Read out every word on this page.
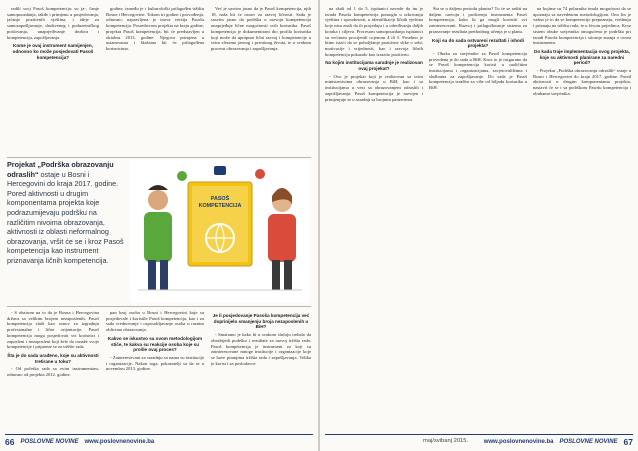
radili svoj Pasoš kompetencija: su ja-, čanje samopouzdanja, takđe i primjenu u posjedovanja, jačanje pozitivnih vještina, i ideje za samozapošljavanje, društvenog i poduzetničkog poslovanja, unaprjeđivanje društva i kompetencija, zapošljavanja.

Kome je ovaj instrument namijenjen, odnosno ko može posjedovati Pasoš kompetencija?

godine, između je i kulturološki prilagođen tržištu Bosne i Hercegovine. Tokom tri godine i provođenja, odnosno, napravljena je inova verzija Pasoša kompetencija. Posredstvom projekta na kraju godine, projekat Pasoš kompetencija, bit će predstavljen u oktobru 2013. godine. Njegova primjena u ustanovama i školama bit će prilagođena korisnicima.

Već je sasvim jasno da je Pasoš kompetencija, njih 18, naša bit će osnov za razvoj ličnosti. Sada je sasvim jasno da podrška u razvoju kompetencija unaprjeđuje lične mogućnosti svih korisnika. Pasoš kompetencija je dokumentirani dio profila korisnika koji može da upotpuni lični razvoj i kompetencije u svim sferama javnog i privatnog života, te u svakom procesu obrazovanja i zapošljavanja.

Projekat „Podrška obrazovanju odraslih“ ostaje u Bosni i Hercegovini do kraja 2017. godine. Pored aktivnosti u drugim komponentama projekta koje podrazumijevaju podršku na različitim nivoima obrazovanja, aktivnosti iz oblasti neformalnog obrazovanja, vršit će se i kroz Pasoš kompetencija kao instrument priznavanja ličnih kompetencija.
PASOŠ KOMPETENCIJA

- S obzirom na to da je Bosna i Hercegovina država sa velikim brojem nezaposlenih, Pasoš kompetencija služi kao osnov za izgradnju profesionalne i lične orijentacije. Pasoš kompetencija mogu posjedovati svi korisnici i zaposleni i nezaposleni koji žele da osnaže svoje kompetencije i pripreme se za tržište rada.

Šta je do sada urađeno, koje su aktivnosti tretirane u toku?

- Od početka rada sa ovim instrumentom, odnosno od projekta 2012. godine.

pan broj osoba u Bosni i Hercegovini koje su posjedovale i koristile Pasoš kompetencija, kao i za sada vrednovanje i osposobljavanje osoba u raznim oblicima obrazovanja.

Kakvo se iskustvo sa ovom metodologijom stiče, te kakva su reakcije osoba koje su prošle ovaj proces?

- Zainteresovani za saradnju sa nama su institucije i organizacije. Nakon toga, pokazatelji su da se u novembru 2013. godine.

Je li posjedovanje Pasoša kompetencija već doprinijelo smanjenju broja nezaposlenih u BiH?

- Smatrano je kako bi u svakom slučaju trebalo da obezbijedi podršku i rezultate za razvoj tržišta rada. Pasoš kompetencija je instrument za koji su zainteresovane mnoge institucije i organizacije koje se bave pitanjima tržišta rada i zapošljavanja. Velika je korist i za poslodavce.

66 POSLOVNE NOVINE www.poslovnenovine.ba

na skali od 1 do 5, ispitanici navode da im je izrada Pasoša kompetencija pomogla u otkrivanju vještina i sposobnosti, u identifikaciji ličnih vještina koje nisu znali da ih posjeduju i u određivanju daljih koraka i ciljeva. Procesom samopouzdanja ispitanici su većinom procijenili ocjenom 4 ili 5. Posebno je bitno istaći da se poboljšanje pozitivne slike o sebi, motivacije i vrijednosti, kao i razvoja ličnih kompetencija pokazalo kao izrazito pozitivno.

Na kojim institucijama saradnje je realizovan ovaj projekat?

- Ovo je projekat koji je realizovan sa svim ministarstvima obrazovanja u BiH, kao i sa institucijama u vezi sa obrazovanjem odraslih i zapošljavanja. Pasoš kompetencija je razvijen i primjenjuje se u saradnji sa brojnim partnerima.

Šta se u daljem periodu planira? Tu će se raditi na daljem razvoju i proširenju instrumenta Pasoš kompetencija, kako bi ga mogli koristiti svi zainteresovani. Razvoj i prilagođavanje sistema za priznavanje rezultata prethodnog učenja je u planu.

Koji su do sada ostvareni rezultati i ishodi projekta?

- Obuka za savjetnike za Pasoš kompetencija provedena je do sada u BiH. Kroz to je osigurano da se Pasoš kompetencija koristi u različitim institucijama i organizacijama, savjetovalištima i službama za zapošljavanje. Do sada je Pasoš kompetencija izrađen za više od hiljadu korisnika u BiH.

na kojima su 74 polaznika imala mogućnost da se upoznaju sa navedenom metodologijom. Ono što je važno je to da se kompetencije prepoznaju, vrednuju i priznaju na tržištu rada, te u životu pojedinca. Kroz sistem obuke savjetnika omogućena je podrška pri izradi Pasoša kompetencija i sticanje znanja o ovom instrumentu.

Do kada traje implementacija ovog projekta, koje su aktivnosti planirane za naredni period?

- Projekat „Podrška obrazovanju odraslih“ ostaje u Bosni i Hercegovini do kraja 2017. godine. Pored aktivnosti u drugim komponentama projekta, nastavit će se i sa podrškom Pasošu kompetencija i obukama savjetnika.

maj/svibanj 2015.	www.poslovnenovine.ba POSLOVNE NOVINE 67
